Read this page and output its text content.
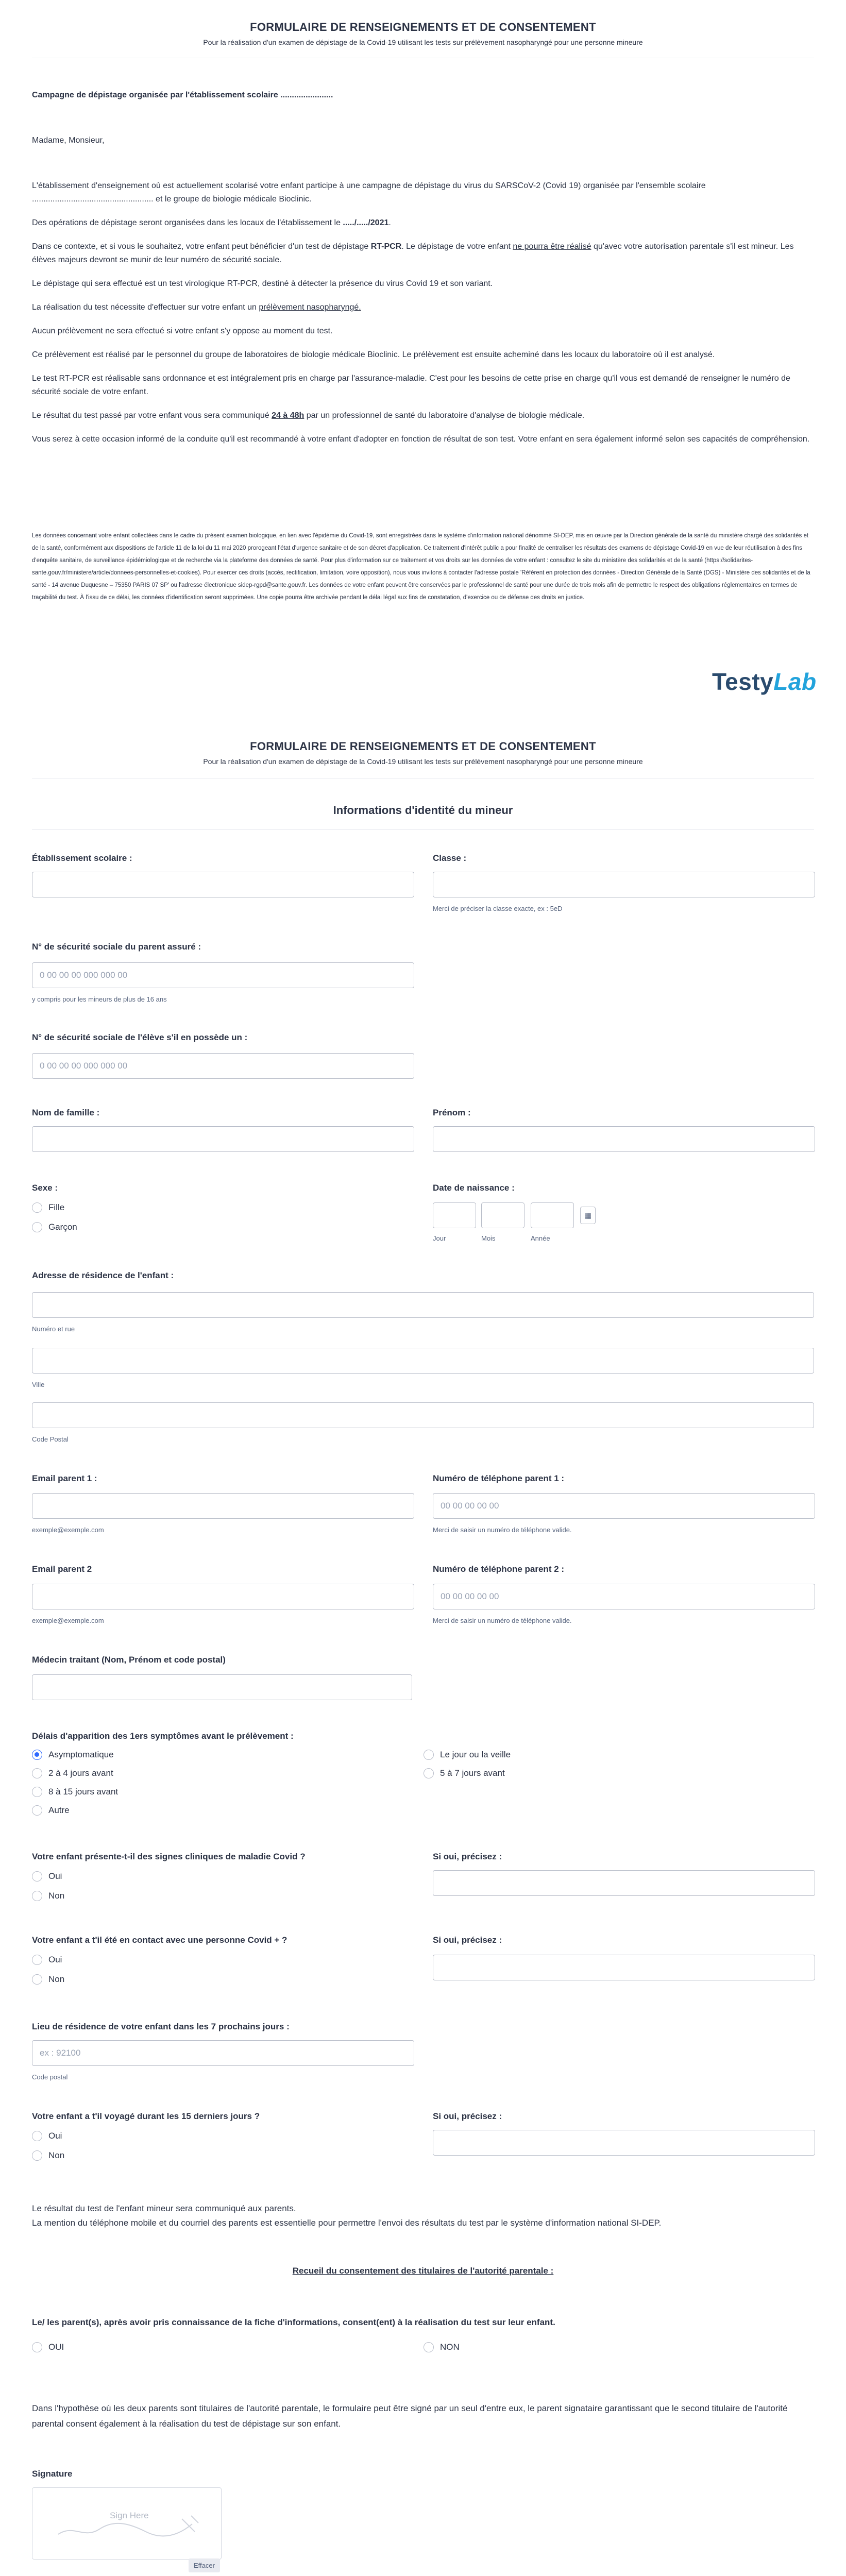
FORMULAIRE DE RENSEIGNEMENTS ET DE CONSENTEMENT
Pour la réalisation d'un examen de dépistage de la Covid-19 utilisant les tests sur prélèvement nasopharyngé pour une personne mineure
Campagne de dépistage organisée par l'établissement scolaire .......................
Madame, Monsieur,
L'établissement d'enseignement où est actuellement scolarisé votre enfant participe à une campagne de dépistage du virus du SARSCoV-2 (Covid 19) organisée par l'ensemble scolaire ..................................................... et le groupe de biologie médicale Bioclinic.
Des opérations de dépistage seront organisées dans les locaux de l'établissement le ...../...../2021.
Dans ce contexte, et si vous le souhaitez, votre enfant peut bénéficier d'un test de dépistage RT-PCR. Le dépistage de votre enfant ne pourra être réalisé qu'avec votre autorisation parentale s'il est mineur. Les élèves majeurs devront se munir de leur numéro de sécurité sociale.
Le dépistage qui sera effectué est un test virologique RT-PCR, destiné à détecter la présence du virus Covid 19 et son variant.
La réalisation du test nécessite d'effectuer sur votre enfant un prélèvement nasopharyngé.
Aucun prélèvement ne sera effectué si votre enfant s'y oppose au moment du test.
Ce prélèvement est réalisé par le personnel du groupe de laboratoires de biologie médicale Bioclinic. Le prélèvement est ensuite acheminé dans les locaux du laboratoire où il est analysé.
Le test RT-PCR est réalisable sans ordonnance et est intégralement pris en charge par l'assurance-maladie. C'est pour les besoins de cette prise en charge qu'il vous est demandé de renseigner le numéro de sécurité sociale de votre enfant.
Le résultat du test passé par votre enfant vous sera communiqué 24 à 48h par un professionnel de santé du laboratoire d'analyse de biologie médicale.
Vous serez à cette occasion informé de la conduite qu'il est recommandé à votre enfant d'adopter en fonction de résultat de son test. Votre enfant en sera également informé selon ses capacités de compréhension.
Les données concernant votre enfant collectées dans le cadre du présent examen biologique, en lien avec l'épidémie du Covid-19, sont enregistrées dans le système d'information national dénommé SI-DEP, mis en œuvre par la Direction générale de la santé du ministère chargé des solidarités et de la santé, conformément aux dispositions de l'article 11 de la loi du 11 mai 2020 prorogeant l'état d'urgence sanitaire et de son décret d'application. Ce traitement d'intérêt public a pour finalité de centraliser les résultats des examens de dépistage Covid-19 en vue de leur réutilisation à des fins d'enquête sanitaire, de surveillance épidémiologique et de recherche via la plateforme des données de santé. Pour plus d'information sur ce traitement et vos droits sur les données de votre enfant : consultez le site du ministère des solidarités et de la santé (https://solidarites-sante.gouv.fr/ministere/article/donnees-personnelles-et-cookies). Pour exercer ces droits (accès, rectification, limitation, voire opposition), nous vous invitons à contacter l'adresse postale 'Référent en protection des données - Direction Générale de la Santé (DGS) - Ministère des solidarités et de la santé - 14 avenue Duquesne – 75350 PARIS 07 SP' ou l'adresse électronique sidep-rgpd@sante.gouv.fr. Les données de votre enfant peuvent être conservées par le professionnel de santé pour une durée de trois mois afin de permettre le respect des obligations réglementaires en termes de traçabilité du test. À l'issu de ce délai, les données d'identification seront supprimées. Une copie pourra être archivée pendant le délai légal aux fins de constatation, d'exercice ou de défense des droits en justice.
TestyLab
FORMULAIRE DE RENSEIGNEMENTS ET DE CONSENTEMENT
Pour la réalisation d'un examen de dépistage de la Covid-19 utilisant les tests sur prélèvement nasopharyngé pour une personne mineure
Informations d'identité du mineur
Établissement scolaire :	Classe :
Merci de préciser la classe exacte, ex : 5eD
N° de sécurité sociale du parent assuré :
0 00 00 00 000 000 00
y compris pour les mineurs de plus de 16 ans
N° de sécurité sociale de l'élève s'il en possède un :
0 00 00 00 000 000 00
Nom de famille :	Prénom :
Sexe :
Fille
Garçon
Date de naissance :
▦
Jour	Mois	Année
Adresse de résidence de l'enfant :
Numéro et rue
Ville
Code Postal
Email parent 1 :
exemple@exemple.com
Numéro de téléphone parent 1 :
00 00 00 00 00
Merci de saisir un numéro de téléphone valide.
Email parent 2
exemple@exemple.com
Numéro de téléphone parent 2 :
00 00 00 00 00
Merci de saisir un numéro de téléphone valide.
Médecin traitant (Nom, Prénom et code postal)
Délais d'apparition des 1ers symptômes avant le prélèvement :
Asymptomatique
2 à 4 jours avant
8 à 15 jours avant
Autre
Le jour ou la veille
5 à 7 jours avant
Votre enfant présente-t-il des signes cliniques de maladie Covid ?
Oui
Non
Si oui, précisez :
Votre enfant a t'il été en contact avec une personne Covid + ?
Oui
Non
Si oui, précisez :
Lieu de résidence de votre enfant dans les 7 prochains jours :
ex : 92100
Code postal
Votre enfant a t'il voyagé durant les 15 derniers jours ?
Oui
Non
Si oui, précisez :
Le résultat du test de l'enfant mineur sera communiqué aux parents.
La mention du téléphone mobile et du courriel des parents est essentielle pour permettre l'envoi des résultats du test par le système d'information national SI-DEP.
Recueil du consentement des titulaires de l'autorité parentale :
Le/ les parent(s), après avoir pris connaissance de la fiche d'informations, consent(ent) à la réalisation du test sur leur enfant.
OUI	NON
Dans l'hypothèse où les deux parents sont titulaires de l'autorité parentale, le formulaire peut être signé par un seul d'entre eux, le parent signataire garantissant que le second titulaire de l'autorité parental consent également à la réalisation du test de dépistage sur son enfant.
Signature
Sign Here
Effacer
